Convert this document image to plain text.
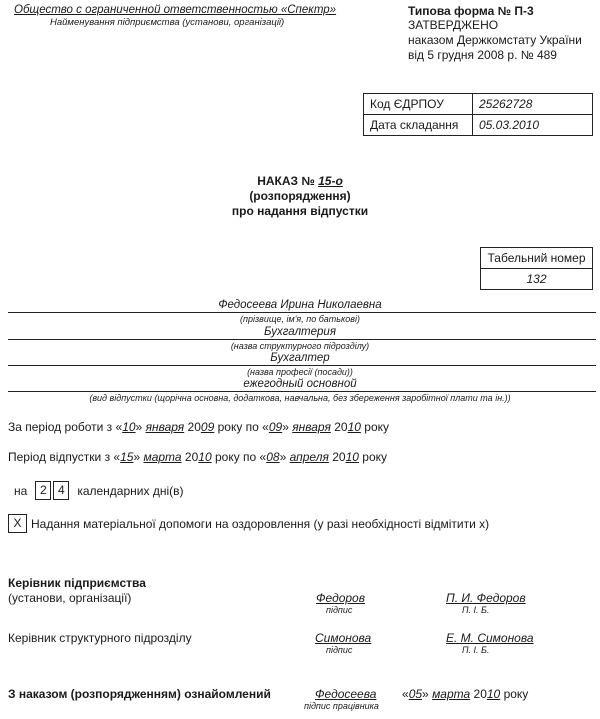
Общество с ограниченной ответственностью «Спектр»
Найменування підприємства (установи, організації)
Типова форма № П-3
ЗАТВЕРДЖЕНО
наказом Держкомстату України
від 5 грудня 2008 р. № 489
Код ЄДРПОУ	25262728
Дата складання	05.03.2010
НАКАЗ № 15-о
(розпорядження)
про надання відпустки
Табельний номер
132
Федосеева Ирина Николаевна
(прізвище, ім'я, по батькові)
Бухгалтерия
(назва структурного підрозділу)
Бухгалтер
(назва професії (посади))
ежегодный основной
(вид відпустки (щорічна основна, додаткова, навчальна, без збереження заробітної плати та ін.))
За період роботи з «10» января 2009 року по «09» января 2010 року
Період відпустки з «15» марта 2010 року по «08» апреля 2010 року
на	2 4	календарних дні(в)
X Надання матеріальної допомоги на оздоровлення (у разі необхідності відмітити х)
Керівник підприємства
(установи, організації)	Федоров
підпис
П. И. Федоров
П. І. Б.
Керівник структурного підрозділу	Симонова
підпис
Е. М. Симонова
П. І. Б.
З наказом (розпорядженням) ознайомлений	Федосеева
підпис працівника
«05» марта 2010 року
